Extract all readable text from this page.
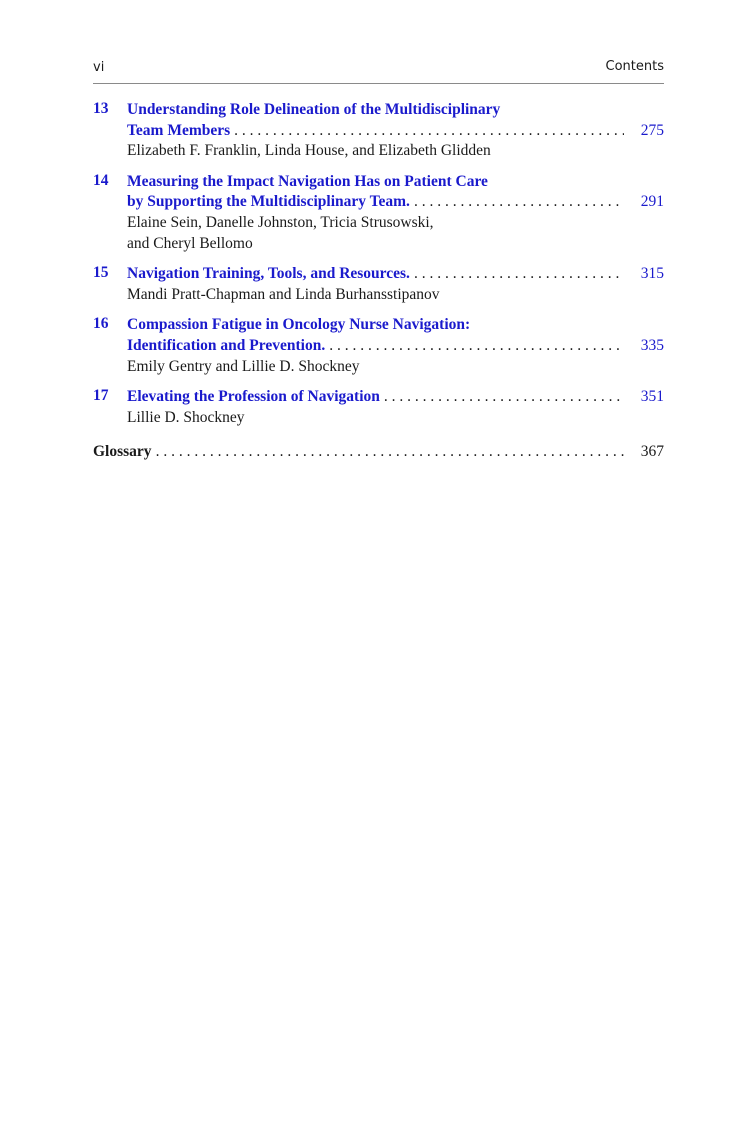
vi	Contents
13 Understanding Role Delineation of the Multidisciplinary
Team Members . . .	275
Elizabeth F. Franklin, Linda House, and Elizabeth Glidden
14 Measuring the Impact Navigation Has on Patient Care
by Supporting the Multidisciplinary Team. . . .	291
Elaine Sein, Danelle Johnston, Tricia Strusowski,
and Cheryl Bellomo
15 Navigation Training, Tools, and Resources. . . .	315
Mandi Pratt-Chapman and Linda Burhansstipanov
16 Compassion Fatigue in Oncology Nurse Navigation:
Identification and Prevention. . . .	335
Emily Gentry and Lillie D. Shockney
17 Elevating the Profession of Navigation . . .	351
Lillie D. Shockney
Glossary . . .	367
